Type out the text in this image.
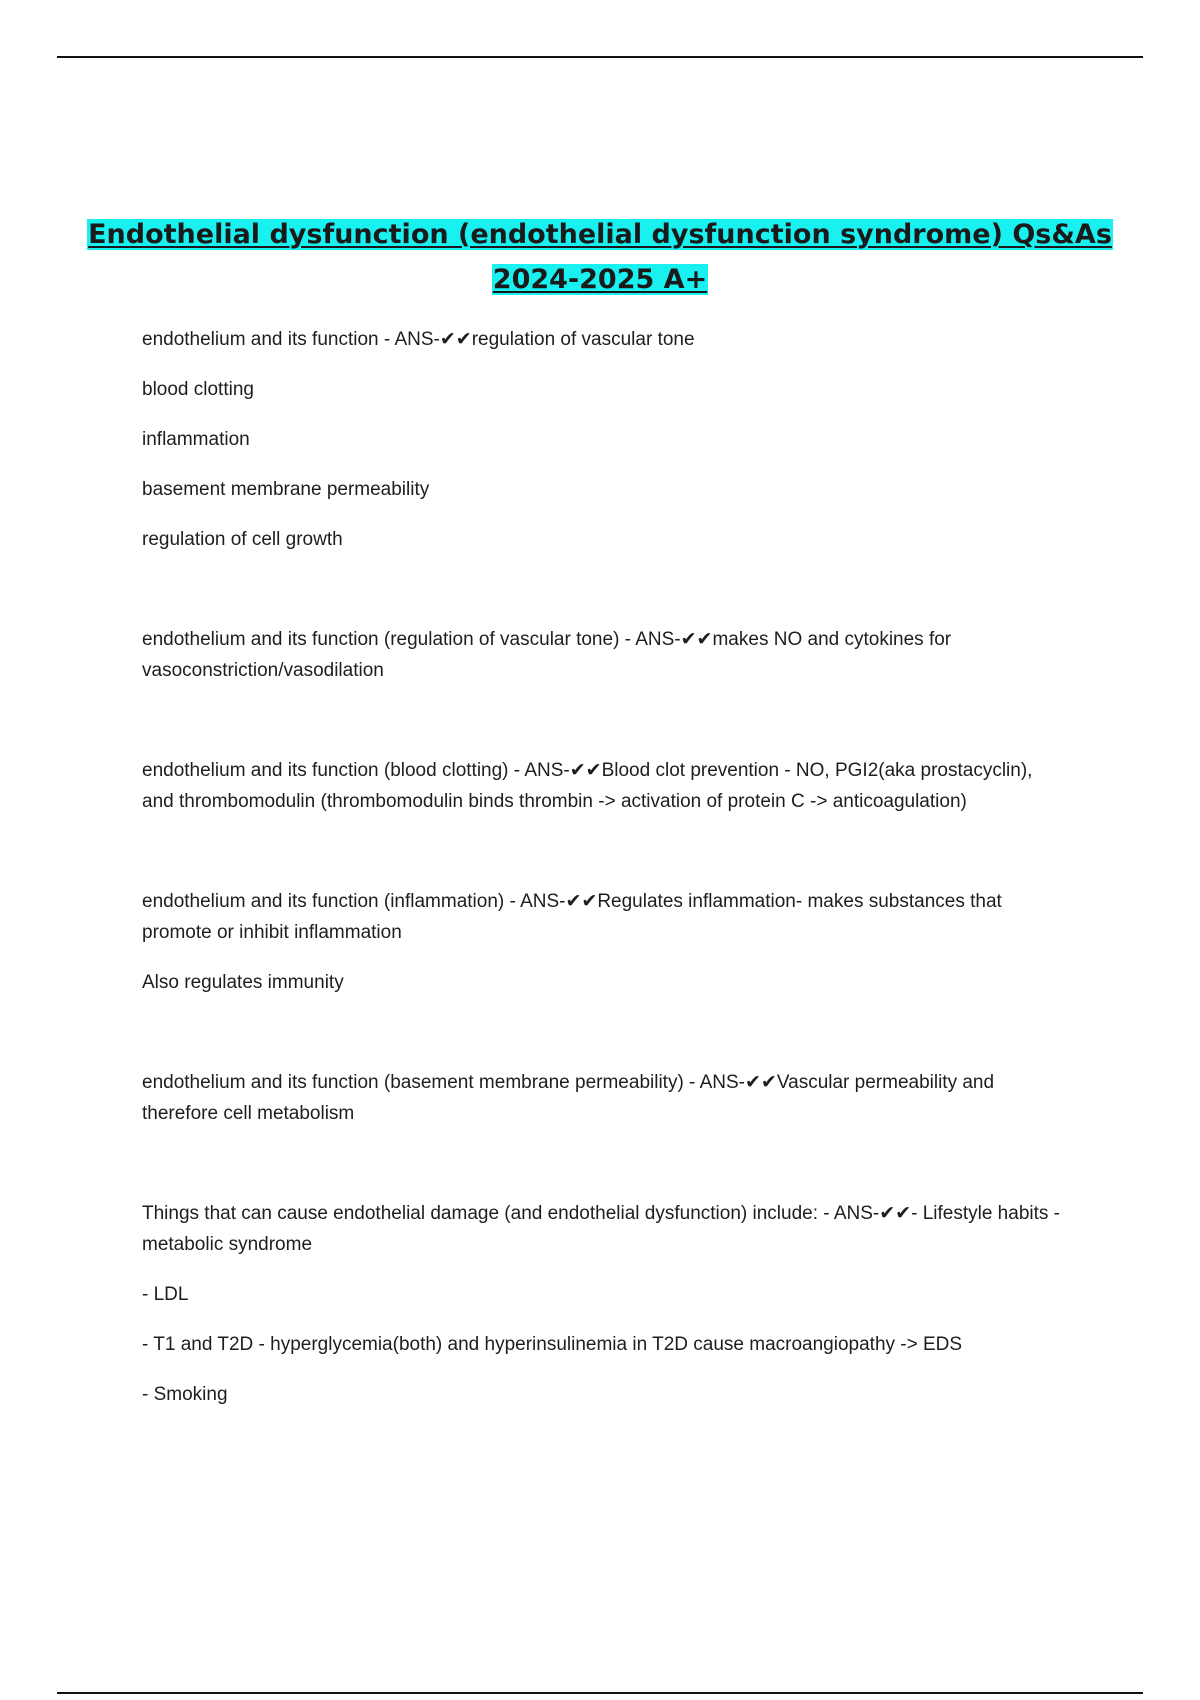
Endothelial dysfunction (endothelial dysfunction syndrome) Qs&As
2024-2025 A+

endothelium and its function - ANS-✔✔regulation of vascular tone

blood clotting

inflammation

basement membrane permeability

regulation of cell growth

endothelium and its function (regulation of vascular tone) - ANS-✔✔makes NO and cytokines for vasoconstriction/vasodilation

endothelium and its function (blood clotting) - ANS-✔✔Blood clot prevention - NO, PGI2(aka prostacyclin), and thrombomodulin (thrombomodulin binds thrombin -> activation of protein C -> anticoagulation)

endothelium and its function (inflammation) - ANS-✔✔Regulates inflammation- makes substances that promote or inhibit inflammation

Also regulates immunity

endothelium and its function (basement membrane permeability) - ANS-✔✔Vascular permeability and therefore cell metabolism

Things that can cause endothelial damage (and endothelial dysfunction) include: - ANS-✔✔- Lifestyle habits - metabolic syndrome

- LDL

- T1 and T2D - hyperglycemia(both) and hyperinsulinemia in T2D cause macroangiopathy -> EDS

- Smoking
